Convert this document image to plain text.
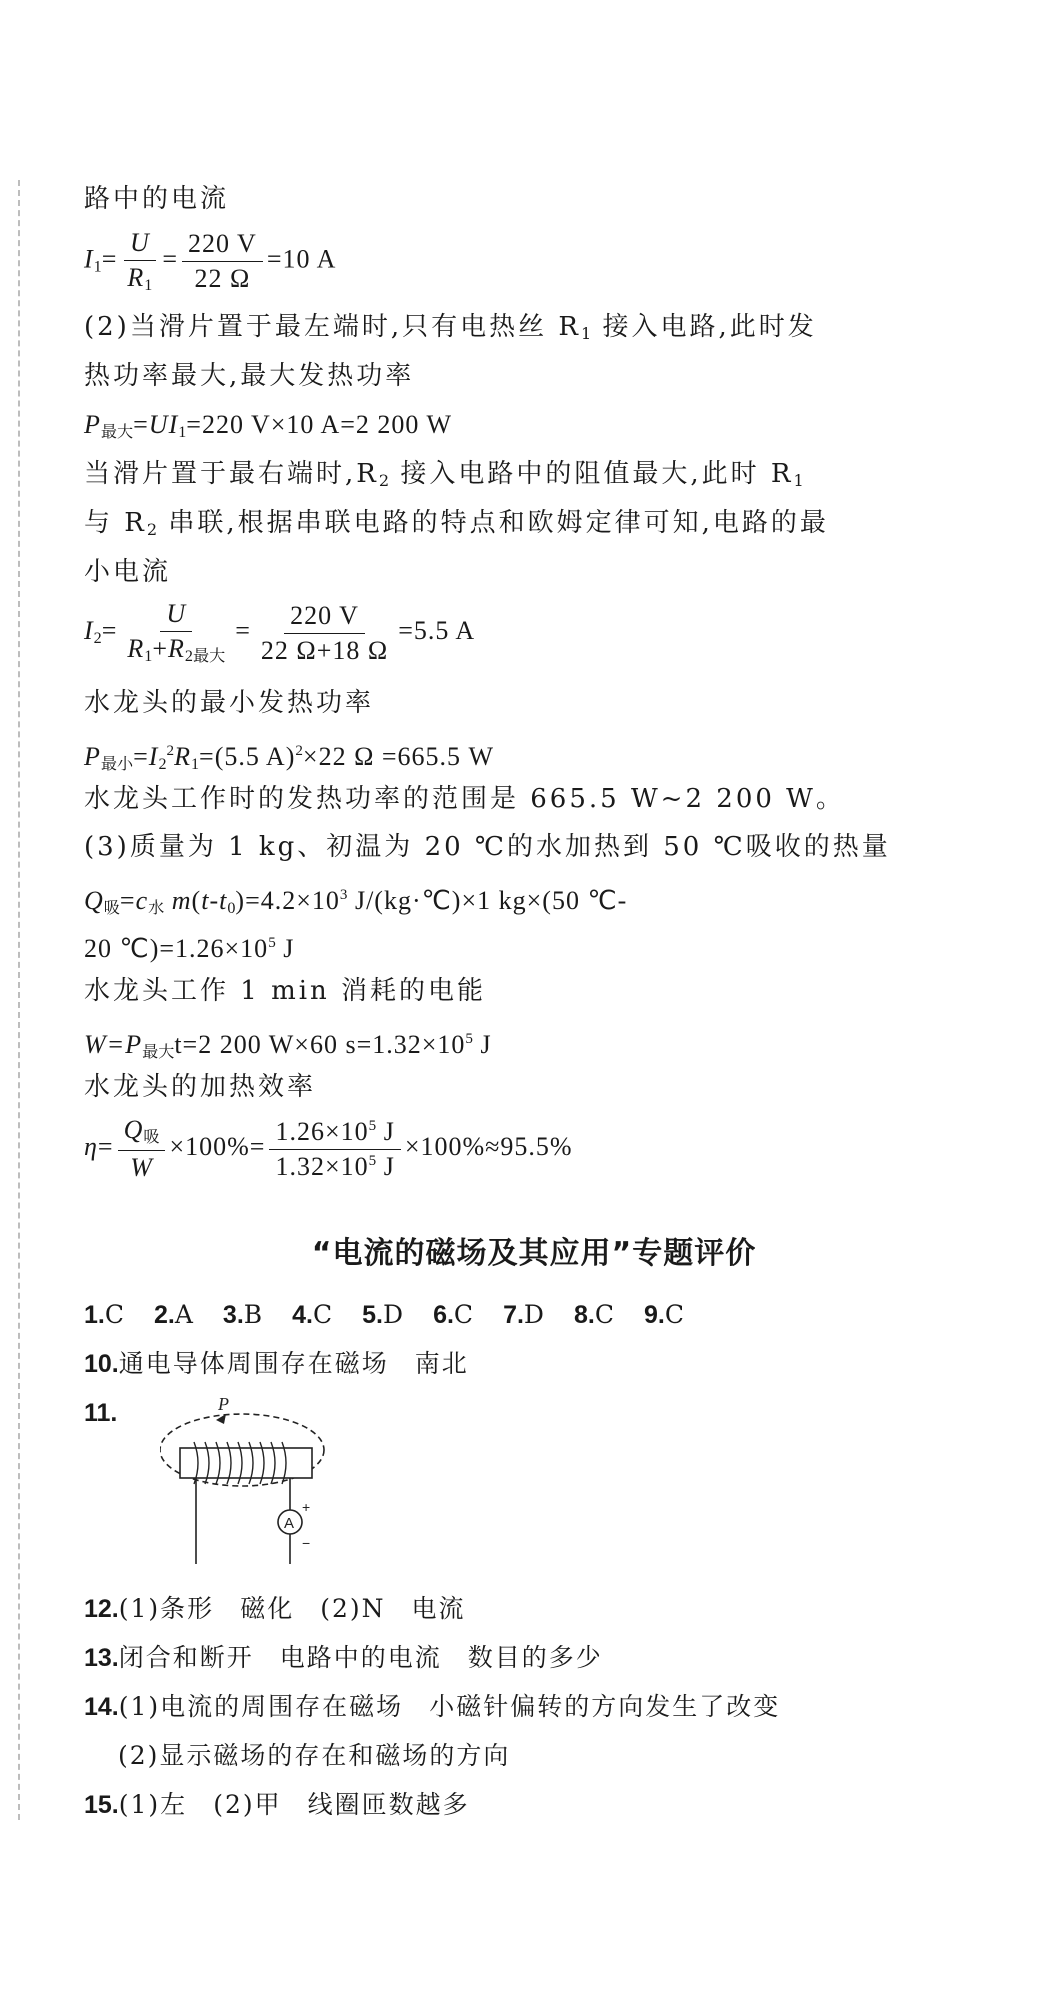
路中的电流
$I_1= \frac{U}{R_1} = \frac{220 V}{22 \Omega} =10$ A
(2)当滑片置于最左端时,只有电热丝 $R_1$ 接入电路,此时发
热功率最大,最大发热功率
$P_{最大}=UI_1=220$ V×10 A=2 200 W
当滑片置于最右端时$,R_2$ 接入电路中的阻值最大,此时 $R_1$
与 $R_2$ 串联,根据串联电路的特点和欧姆定律可知,电路的最
小电流
$I_2= \frac{U}{R_1+R_{2最大}} = \frac{220 V}{22 \Omega+18 \Omega} =5.5$ A
水龙头的最小发热功率
$P_{最小}=I_2^2R_1=(5.5$ A)$^2$×22 Ω =665.5 W
水龙头工作时的发热功率的范围是 665.5 W~2 200 W。
(3)质量为 1 kg、初温为 20 ℃的水加热到 50 ℃吸收的热量
$Q_吸=c_水$ $m(t-t_0)=4.2\times 10^3$ J/(kg·℃)×1 kg×(50 ℃-
20 $℃)=1.26\times 10^5$ J
水龙头工作 1 min 消耗的电能
$W=P_{最大}t=2$ 200 W×60 $s=1.32\times 10^5$ J
水龙头的加热效率
$\eta= \frac{Q_吸}{W} \times 100\%= \frac{1.26\times 10^5 J}{1.32\times 10^5 J} \times 100\%\approx 95.5\%$
“电流的磁场及其应用”专题评价
1.C 2.A 3.B 4.C 5.D 6.C 7.D 8.C 9.C
10.通电导体周围存在磁场 南北
11.
12.(1)条形 磁化 (2)N 电流
13.闭合和断开 电路中的电流 数目的多少
14.(1)电流的周围存在磁场 小磁针偏转的方向发生了改变
(2)显示磁场的存在和磁场的方向
15.(1)左 (2)甲 线圈匝数越多
P
A
+
−
